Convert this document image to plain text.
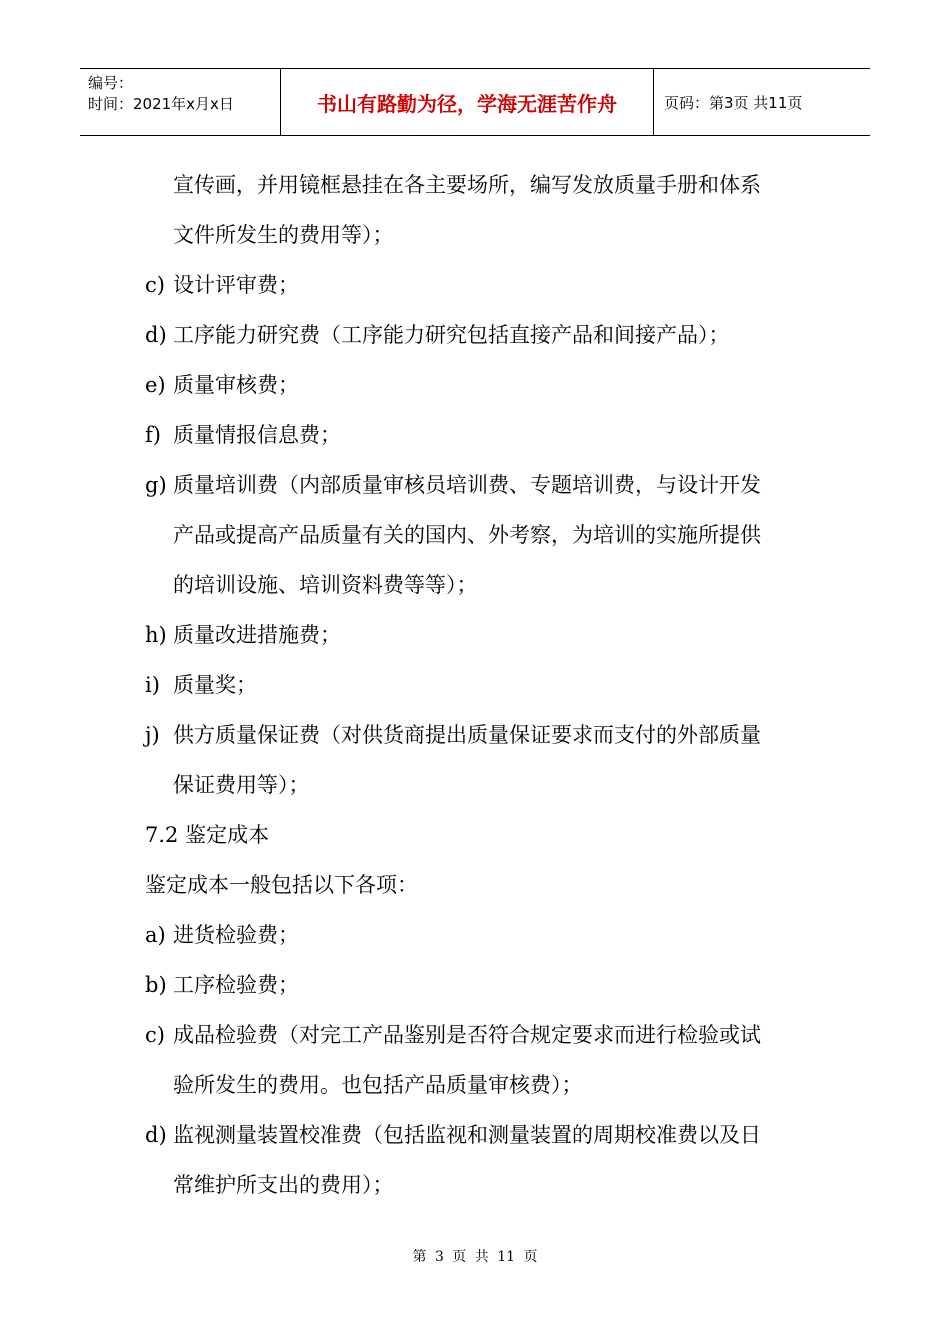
编号：
时间：2021年x月x日	书山有路勤为径，学海无涯苦作舟	页码：第3页 共11页
宣传画，并用镜框悬挂在各主要场所，编写发放质量手册和体系
文件所发生的费用等）；
c) 设计评审费；
d) 工序能力研究费（工序能力研究包括直接产品和间接产品）；
e) 质量审核费；
f) 质量情报信息费；
g) 质量培训费（内部质量审核员培训费、专题培训费，与设计开发
产品或提高产品质量有关的国内、外考察，为培训的实施所提供
的培训设施、培训资料费等等）；
h) 质量改进措施费；
i) 质量奖；
j) 供方质量保证费（对供货商提出质量保证要求而支付的外部质量
保证费用等）；
7.2 鉴定成本
鉴定成本一般包括以下各项：
a) 进货检验费；
b) 工序检验费；
c) 成品检验费（对完工产品鉴别是否符合规定要求而进行检验或试
验所发生的费用。也包括产品质量审核费）；
d) 监视测量装置校准费（包括监视和测量装置的周期校准费以及日
常维护所支出的费用）；
第 3 页 共 11 页
